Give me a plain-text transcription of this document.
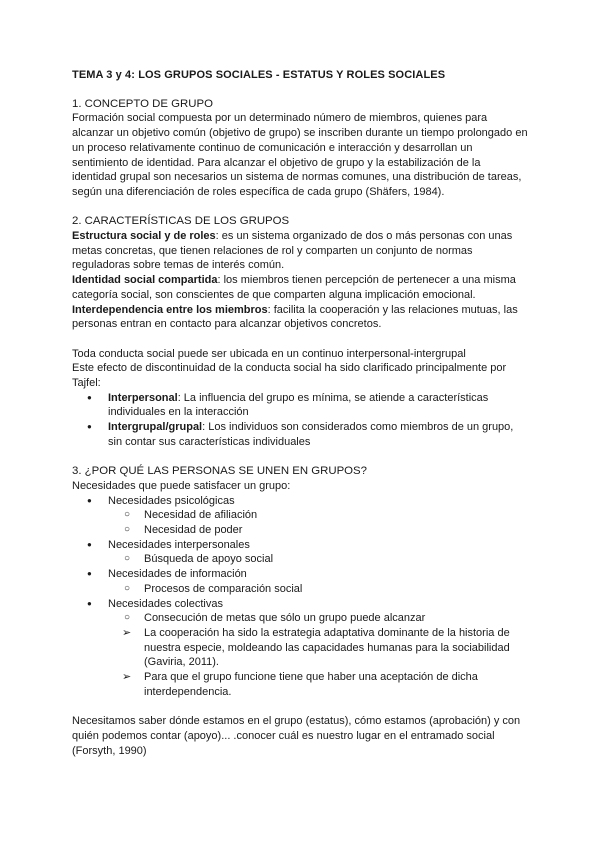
TEMA 3 y 4: LOS GRUPOS SOCIALES - ESTATUS Y ROLES SOCIALES

1. CONCEPTO DE GRUPO

Formación social compuesta por un determinado número de miembros, quienes para alcanzar un objetivo común (objetivo de grupo) se inscriben durante un tiempo prolongado en un proceso relativamente continuo de comunicación e interacción y desarrollan un sentimiento de identidad. Para alcanzar el objetivo de grupo y la estabilización de la identidad grupal son necesarios un sistema de normas comunes, una distribución de tareas, según una diferenciación de roles específica de cada grupo (Shäfers, 1984).

2. CARACTERÍSTICAS DE LOS GRUPOS

Estructura social y de roles: es un sistema organizado de dos o más personas con unas metas concretas, que tienen relaciones de rol y comparten un conjunto de normas reguladoras sobre temas de interés común.

Identidad social compartida: los miembros tienen percepción de pertenecer a una misma categoría social, son conscientes de que comparten alguna implicación emocional.

Interdependencia entre los miembros: facilita la cooperación y las relaciones mutuas, las personas entran en contacto para alcanzar objetivos concretos.

Toda conducta social puede ser ubicada en un continuo interpersonal-intergrupal

Este efecto de discontinuidad de la conducta social ha sido clarificado principalmente por Tajfel:

● Interpersonal: La influencia del grupo es mínima, se atiende a características individuales en la interacción
● Intergrupal/grupal: Los individuos son considerados como miembros de un grupo, sin contar sus características individuales

3. ¿POR QUÉ LAS PERSONAS SE UNEN EN GRUPOS?

Necesidades que puede satisfacer un grupo:

● Necesidades psicológicas
○ Necesidad de afiliación
○ Necesidad de poder
● Necesidades interpersonales
○ Búsqueda de apoyo social
● Necesidades de información
○ Procesos de comparación social
● Necesidades colectivas
○ Consecución de metas que sólo un grupo puede alcanzar
➢ La cooperación ha sido la estrategia adaptativa dominante de la historia de nuestra especie, moldeando las capacidades humanas para la sociabilidad (Gaviria, 2011).
➢ Para que el grupo funcione tiene que haber una aceptación de dicha interdependencia.

Necesitamos saber dónde estamos en el grupo (estatus), cómo estamos (aprobación) y con quién podemos contar (apoyo)... .conocer cuál es nuestro lugar en el entramado social (Forsyth, 1990)
